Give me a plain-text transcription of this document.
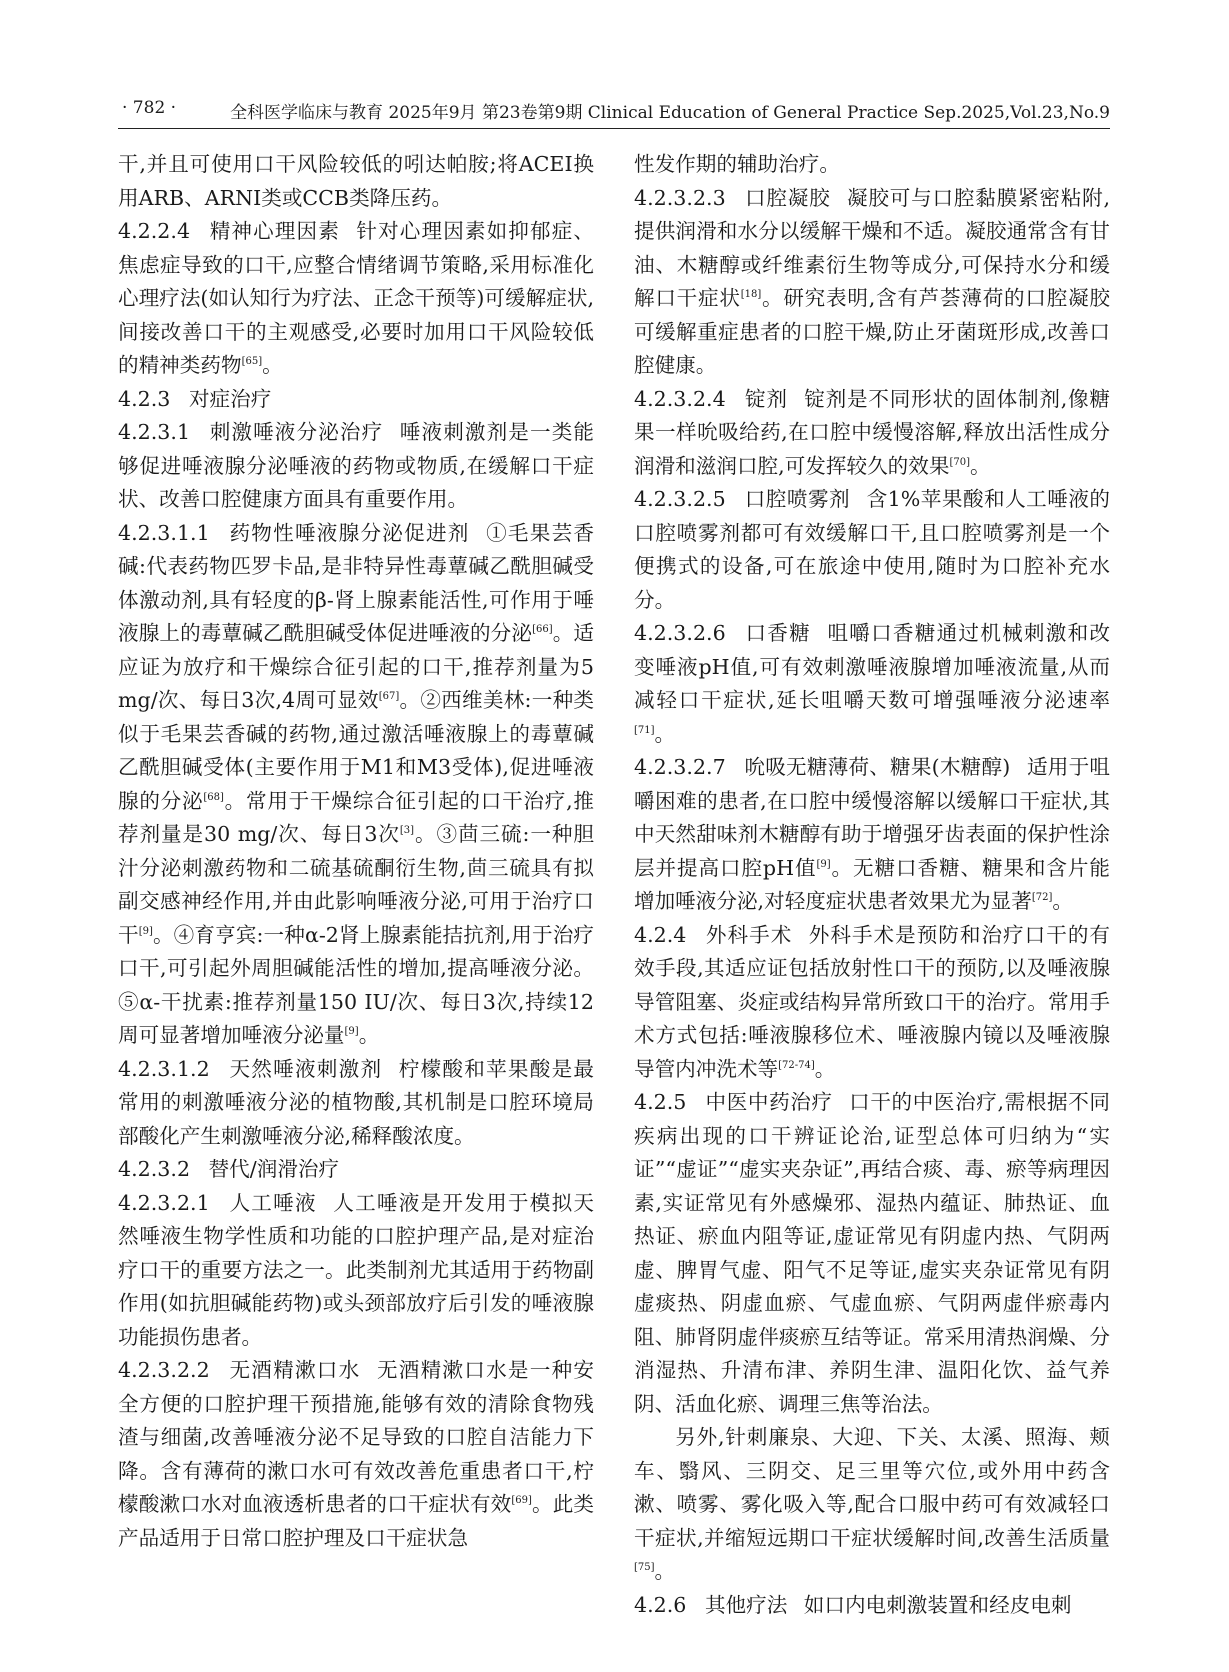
· 782 ·	全科医学临床与教育 2025年9月 第23卷第9期 Clinical Education of General Practice Sep.2025,Vol.23,No.9

干,并且可使用口干风险较低的吲达帕胺;将ACEI换用ARB、ARNI类或CCB类降压药。

4.2.2.4 精神心理因素 针对心理因素如抑郁症、焦虑症导致的口干,应整合情绪调节策略,采用标准化心理疗法(如认知行为疗法、正念干预等)可缓解症状,间接改善口干的主观感受,必要时加用口干风险较低的精神类药物[65]。

4.2.3 对症治疗

4.2.3.1 刺激唾液分泌治疗 唾液刺激剂是一类能够促进唾液腺分泌唾液的药物或物质,在缓解口干症状、改善口腔健康方面具有重要作用。

4.2.3.1.1 药物性唾液腺分泌促进剂 ①毛果芸香碱:代表药物匹罗卡品,是非特异性毒蕈碱乙酰胆碱受体激动剂,具有轻度的β-肾上腺素能活性,可作用于唾液腺上的毒蕈碱乙酰胆碱受体促进唾液的分泌[66]。适应证为放疗和干燥综合征引起的口干,推荐剂量为5 mg/次、每日3次,4周可显效[67]。②西维美林:一种类似于毛果芸香碱的药物,通过激活唾液腺上的毒蕈碱乙酰胆碱受体(主要作用于M1和M3受体),促进唾液腺的分泌[68]。常用于干燥综合征引起的口干治疗,推荐剂量是30 mg/次、每日3次[3]。③茴三硫:一种胆汁分泌刺激药物和二硫基硫酮衍生物,茴三硫具有拟副交感神经作用,并由此影响唾液分泌,可用于治疗口干[9]。④育亨宾:一种α-2肾上腺素能拮抗剂,用于治疗口干,可引起外周胆碱能活性的增加,提高唾液分泌。⑤α-干扰素:推荐剂量150 IU/次、每日3次,持续12周可显著增加唾液分泌量[9]。

4.2.3.1.2 天然唾液刺激剂 柠檬酸和苹果酸是最常用的刺激唾液分泌的植物酸,其机制是口腔环境局部酸化产生刺激唾液分泌,稀释酸浓度。

4.2.3.2 替代/润滑治疗

4.2.3.2.1 人工唾液 人工唾液是开发用于模拟天然唾液生物学性质和功能的口腔护理产品,是对症治疗口干的重要方法之一。此类制剂尤其适用于药物副作用(如抗胆碱能药物)或头颈部放疗后引发的唾液腺功能损伤患者。

4.2.3.2.2 无酒精漱口水 无酒精漱口水是一种安全方便的口腔护理干预措施,能够有效的清除食物残渣与细菌,改善唾液分泌不足导致的口腔自洁能力下降。含有薄荷的漱口水可有效改善危重患者口干,柠檬酸漱口水对血液透析患者的口干症状有效[69]。此类产品适用于日常口腔护理及口干症状急

性发作期的辅助治疗。

4.2.3.2.3 口腔凝胶 凝胶可与口腔黏膜紧密粘附,提供润滑和水分以缓解干燥和不适。凝胶通常含有甘油、木糖醇或纤维素衍生物等成分,可保持水分和缓解口干症状[18]。研究表明,含有芦荟薄荷的口腔凝胶可缓解重症患者的口腔干燥,防止牙菌斑形成,改善口腔健康。

4.2.3.2.4 锭剂 锭剂是不同形状的固体制剂,像糖果一样吮吸给药,在口腔中缓慢溶解,释放出活性成分润滑和滋润口腔,可发挥较久的效果[70]。

4.2.3.2.5 口腔喷雾剂 含1%苹果酸和人工唾液的口腔喷雾剂都可有效缓解口干,且口腔喷雾剂是一个便携式的设备,可在旅途中使用,随时为口腔补充水分。

4.2.3.2.6 口香糖 咀嚼口香糖通过机械刺激和改变唾液pH值,可有效刺激唾液腺增加唾液流量,从而减轻口干症状,延长咀嚼天数可增强唾液分泌速率[71]。

4.2.3.2.7 吮吸无糖薄荷、糖果(木糖醇) 适用于咀嚼困难的患者,在口腔中缓慢溶解以缓解口干症状,其中天然甜味剂木糖醇有助于增强牙齿表面的保护性涂层并提高口腔pH值[9]。无糖口香糖、糖果和含片能增加唾液分泌,对轻度症状患者效果尤为显著[72]。

4.2.4 外科手术 外科手术是预防和治疗口干的有效手段,其适应证包括放射性口干的预防,以及唾液腺导管阻塞、炎症或结构异常所致口干的治疗。常用手术方式包括:唾液腺移位术、唾液腺内镜以及唾液腺导管内冲洗术等[72-74]。

4.2.5 中医中药治疗 口干的中医治疗,需根据不同疾病出现的口干辨证论治,证型总体可归纳为“实证”“虚证”“虚实夹杂证”,再结合痰、毒、瘀等病理因素,实证常见有外感燥邪、湿热内蕴证、肺热证、血热证、瘀血内阻等证,虚证常见有阴虚内热、气阴两虚、脾胃气虚、阳气不足等证,虚实夹杂证常见有阴虚痰热、阴虚血瘀、气虚血瘀、气阴两虚伴瘀毒内阻、肺肾阴虚伴痰瘀互结等证。常采用清热润燥、分消湿热、升清布津、养阴生津、温阳化饮、益气养阴、活血化瘀、调理三焦等治法。

另外,针刺廉泉、大迎、下关、太溪、照海、颊车、翳风、三阴交、足三里等穴位,或外用中药含漱、喷雾、雾化吸入等,配合口服中药可有效减轻口干症状,并缩短远期口干症状缓解时间,改善生活质量[75]。

4.2.6 其他疗法 如口内电刺激装置和经皮电刺
